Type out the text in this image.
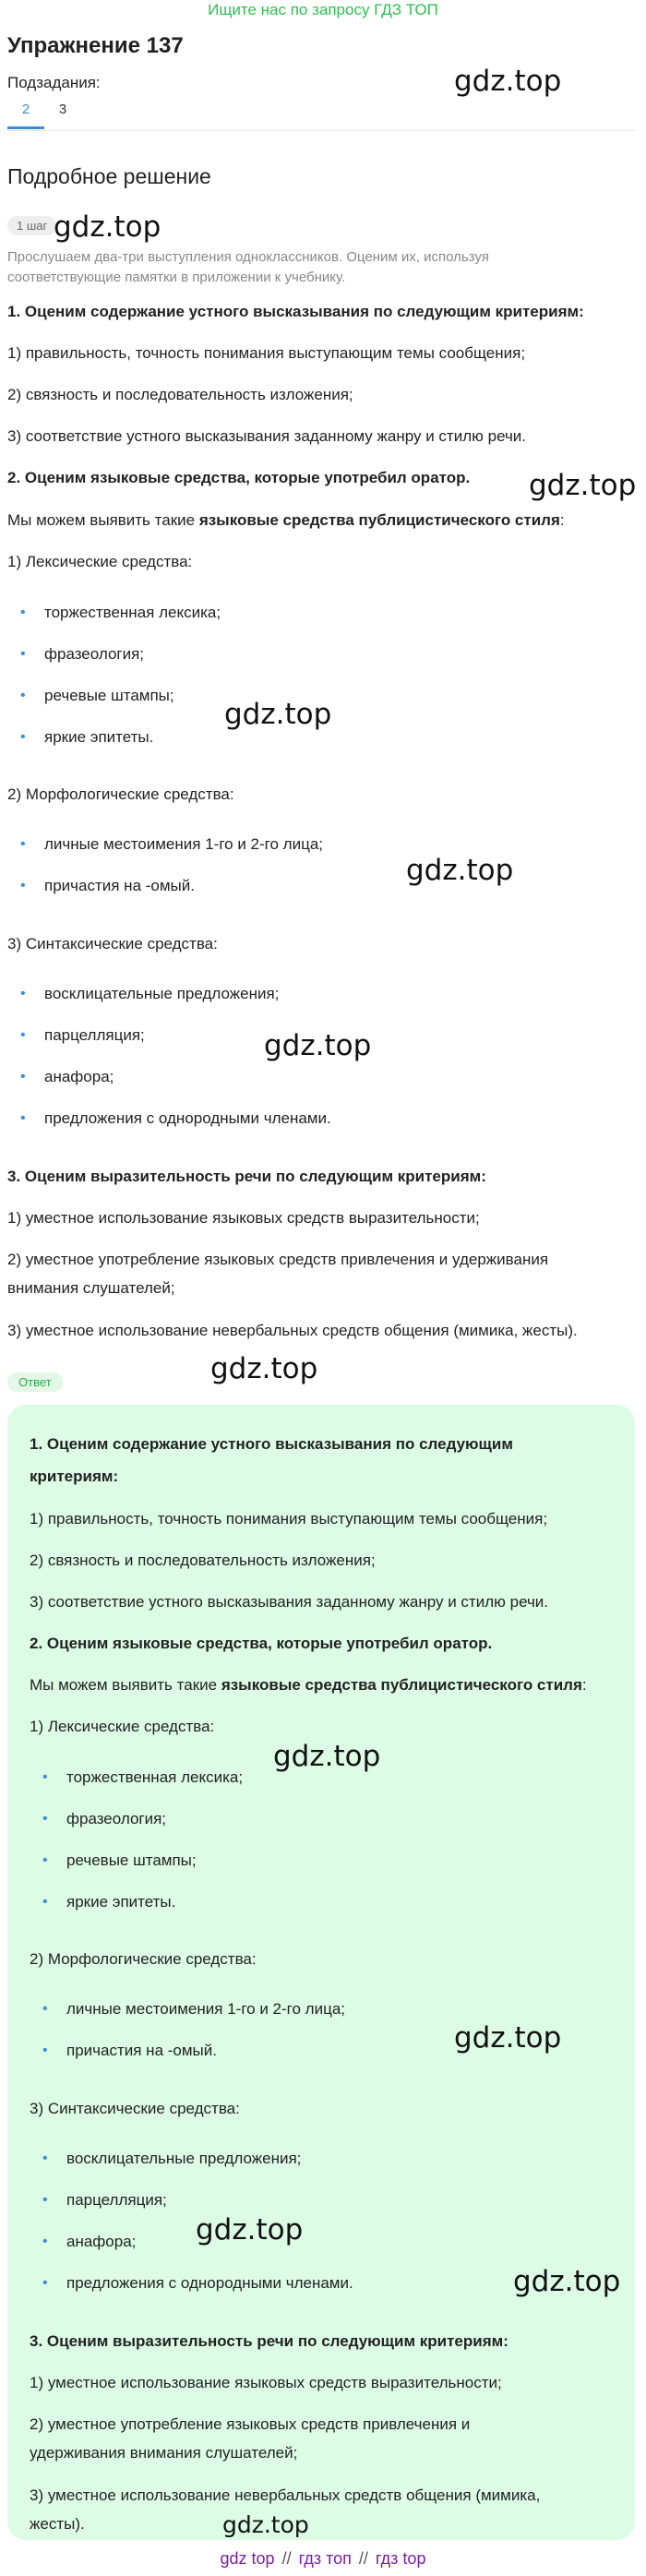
Ищите нас по запросу ГДЗ ТОП
Упражнение 137
Подзадания:
2	3
Подробное решение
1 шаг
Прослушаем два-три выступления одноклассников. Оценим их, используя соответствующие памятки в приложении к учебнику.
1. Оценим содержание устного высказывания по следующим критериям:
1) правильность, точность понимания выступающим темы сообщения;
2) связность и последовательность изложения;
3) соответствие устного высказывания заданному жанру и стилю речи.
2. Оценим языковые средства, которые употребил оратор.
Мы можем выявить такие языковые средства публицистического стиля:
1) Лексические средства:
• торжественная лексика;
• фразеология;
• речевые штампы;
• яркие эпитеты.
2) Морфологические средства:
• личные местоимения 1-го и 2-го лица;
• причастия на -омый.
3) Синтаксические средства:
• восклицательные предложения;
• парцелляция;
• анафора;
• предложения с однородными членами.
3. Оценим выразительность речи по следующим критериям:
1) уместное использование языковых средств выразительности;
2) уместное употребление языковых средств привлечения и удерживания
внимания слушателей;
3) уместное использование невербальных средств общения (мимика, жесты).
Ответ
1. Оценим содержание устного высказывания по следующим
критериям:
1) правильность, точность понимания выступающим темы сообщения;
2) связность и последовательность изложения;
3) соответствие устного высказывания заданному жанру и стилю речи.
2. Оценим языковые средства, которые употребил оратор.
Мы можем выявить такие языковые средства публицистического стиля:
1) Лексические средства:
• торжественная лексика;
• фразеология;
• речевые штампы;
• яркие эпитеты.
2) Морфологические средства:
• личные местоимения 1-го и 2-го лица;
• причастия на -омый.
3) Синтаксические средства:
• восклицательные предложения;
• парцелляция;
• анафора;
• предложения с однородными членами.
3. Оценим выразительность речи по следующим критериям:
1) уместное использование языковых средств выразительности;
2) уместное употребление языковых средств привлечения и
удерживания внимания слушателей;
3) уместное использование невербальных средств общения (мимика,
жесты).
gdz.top
gdz.top
gdz.top
gdz.top
gdz.top
gdz.top
gdz.top
gdz.top
gdz.top
gdz.top
gdz.top
gdz.top
gdz top // гдз топ // гдз top
